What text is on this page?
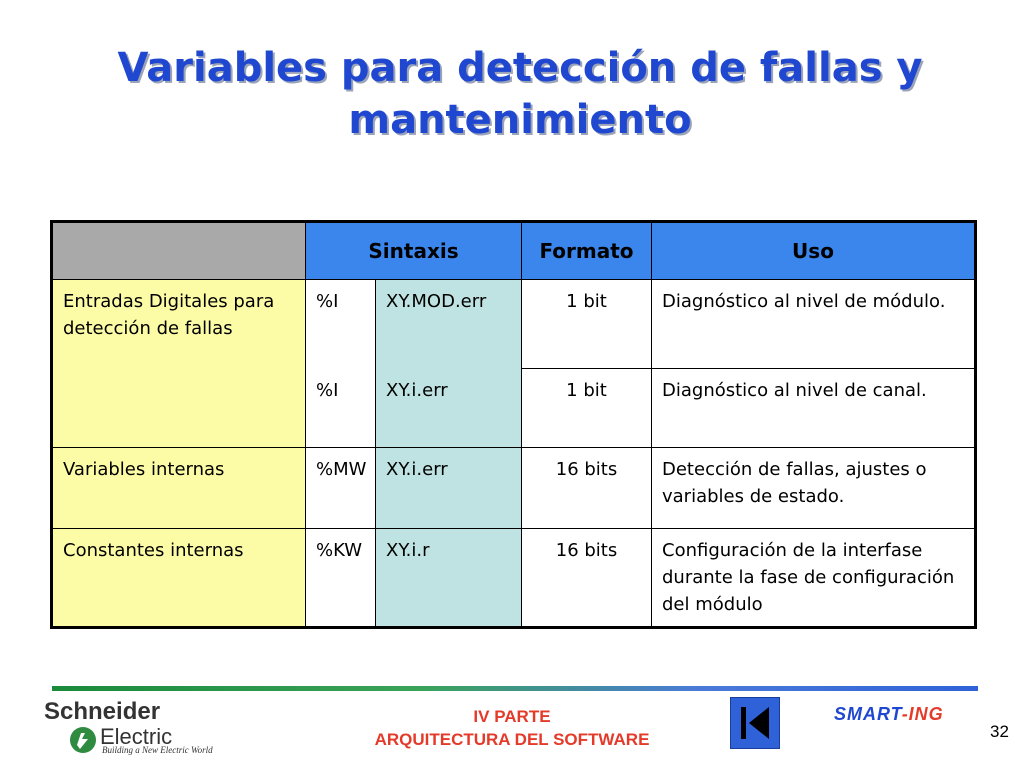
Variables para detección de fallas y mantenimiento
	Sintaxis		Formato	Uso
Entradas Digitales para detección de fallas	%I	XY.MOD.err	1 bit	Diagnóstico al nivel de módulo.
	%I	XY.i.err	1 bit	Diagnóstico al nivel de canal.
Variables internas	%MW	XY.i.err	16 bits	Detección de fallas, ajustes o variables de estado.
Constantes internas	%KW	XY.i.r	16 bits	Configuración de la interfase durante la fase de configuración del módulo
Schneider
Electric
Building a New Electric World
IV PARTE
ARQUITECTURA DEL SOFTWARE
SMART-ING
32
